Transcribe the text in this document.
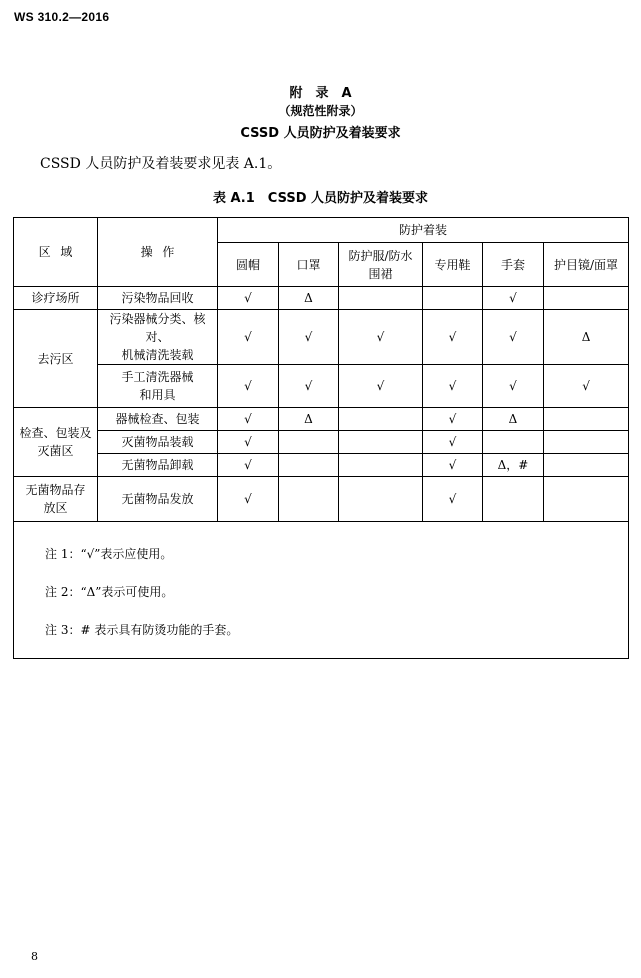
WS 310.2—2016
附　录　A
（规范性附录）
CSSD 人员防护及着装要求
CSSD 人员防护及着装要求见表 A.1。
表 A.1　CSSD 人员防护及着装要求
区 域	操 作	防护着装					
		圆帽	口罩	防护服/防水
围裙	专用鞋	手套	护目镜/面罩
诊疗场所	污染物品回收	√	Δ			√	
去污区	污染器械分类、核对、
机械清洗装载	√	√	√	√	√	Δ
	手工清洗器械
和用具	√	√	√	√	√	√
检查、包装及
灭菌区	器械检查、包装	√	Δ		√	Δ	
	灭菌物品装载	√			√		
	无菌物品卸载	√			√	Δ，#	
无菌物品存
放区	无菌物品发放	√			√		

注 1：“√”表示应使用。

注 2：“Δ”表示可使用。

注 3：# 表示具有防烫功能的手套。							

8
